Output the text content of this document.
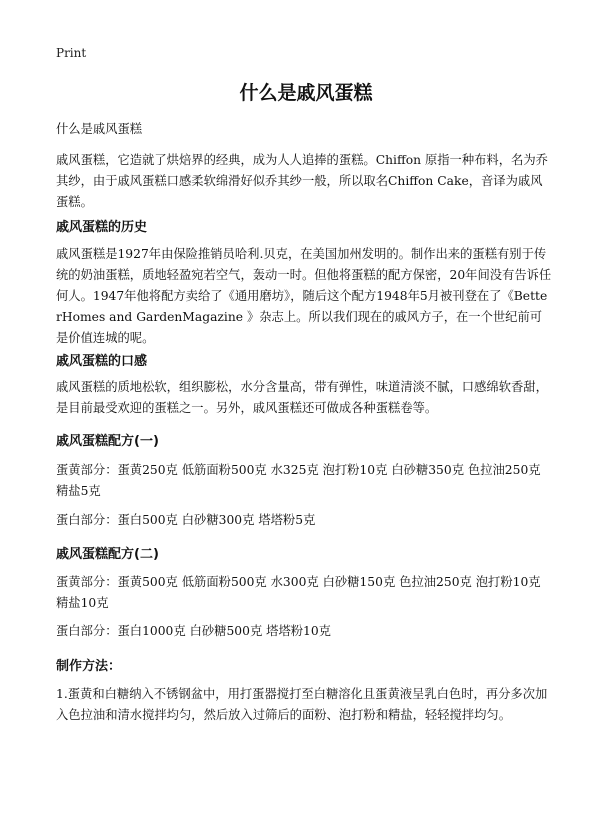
Print
什么是戚风蛋糕

什么是戚风蛋糕

戚风蛋糕，它造就了烘焙界的经典，成为人人追捧的蛋糕。Chiffon 原指一种布料，名为乔其纱，由于戚风蛋糕口感柔软绵滑好似乔其纱一般，所以取名Chiffon Cake，音译为戚风蛋糕。

戚风蛋糕的历史

戚风蛋糕是1927年由保险推销员哈利.贝克，在美国加州发明的。制作出来的蛋糕有别于传统的奶油蛋糕，质地轻盈宛若空气，轰动一时。但他将蛋糕的配方保密，20年间没有告诉任何人。1947年他将配方卖给了《通用磨坊》，随后这个配方1948年5月被刊登在了《BetterHomes and GardenMagazine 》杂志上。所以我们现在的戚风方子，在一个世纪前可是价值连城的呢。

戚风蛋糕的口感

戚风蛋糕的质地松软，组织膨松，水分含量高，带有弹性，味道清淡不腻，口感绵软香甜，是目前最受欢迎的蛋糕之一。另外，戚风蛋糕还可做成各种蛋糕卷等。

戚风蛋糕配方(一)

蛋黄部分：蛋黄250克 低筋面粉500克 水325克 泡打粉10克 白砂糖350克 色拉油250克 精盐5克

蛋白部分：蛋白500克 白砂糖300克 塔塔粉5克

戚风蛋糕配方(二)

蛋黄部分：蛋黄500克 低筋面粉500克 水300克 白砂糖150克 色拉油250克 泡打粉10克 精盐10克

蛋白部分：蛋白1000克 白砂糖500克 塔塔粉10克

制作方法：

1.蛋黄和白糖纳入不锈钢盆中，用打蛋器搅打至白糖溶化且蛋黄液呈乳白色时，再分多次加入色拉油和清水搅拌均匀，然后放入过筛后的面粉、泡打粉和精盐，轻轻搅拌均匀。
